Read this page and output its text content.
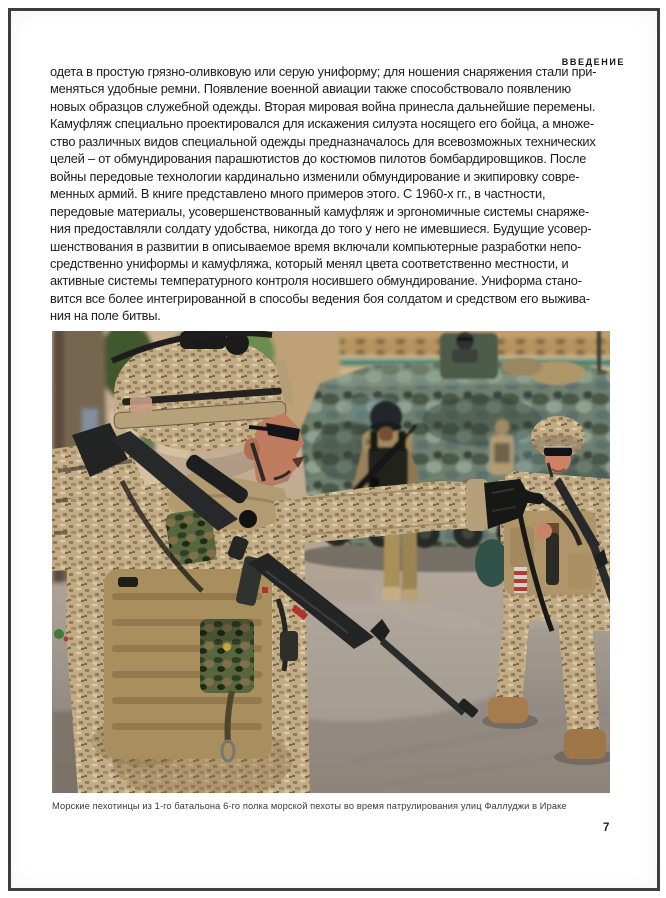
ВВЕДЕНИЕ
одета в простую грязно-оливковую или серую униформу; для ношения снаряжения стали при-
меняться удобные ремни. Появление военной авиации также способствовало появлению
новых образцов служебной одежды. Вторая мировая война принесла дальнейшие перемены.
Камуфляж специально проектировался для искажения силуэта носящего его бойца, а множе-
ство различных видов специальной одежды предназначалось для всевозможных технических
целей – от обмундирования парашютистов до костюмов пилотов бомбардировщиков. После
войны передовые технологии кардинально изменили обмундирование и экипировку совре-
менных армий. В книге представлено много примеров этого. С 1960-х гг., в частности,
передовые материалы, усовершенствованный камуфляж и эргономичные системы снаряже-
ния предоставляли солдату удобства, никогда до того у него не имевшиеся. Будущие усовер-
шенствования в развитии в описываемое время включали компьютерные разработки непо-
средственно униформы и камуфляжа, который менял цвета соответственно местности, и
активные системы температурного контроля носившего обмундирование. Униформа стано-
вится все более интегрированной в способы ведения боя солдатом и средством его выжива-
ния на поле битвы.
Морские пехотинцы из 1-го батальона 6-го полка морской пехоты во время патрулирования улиц Фаллуджи в Ираке
7
